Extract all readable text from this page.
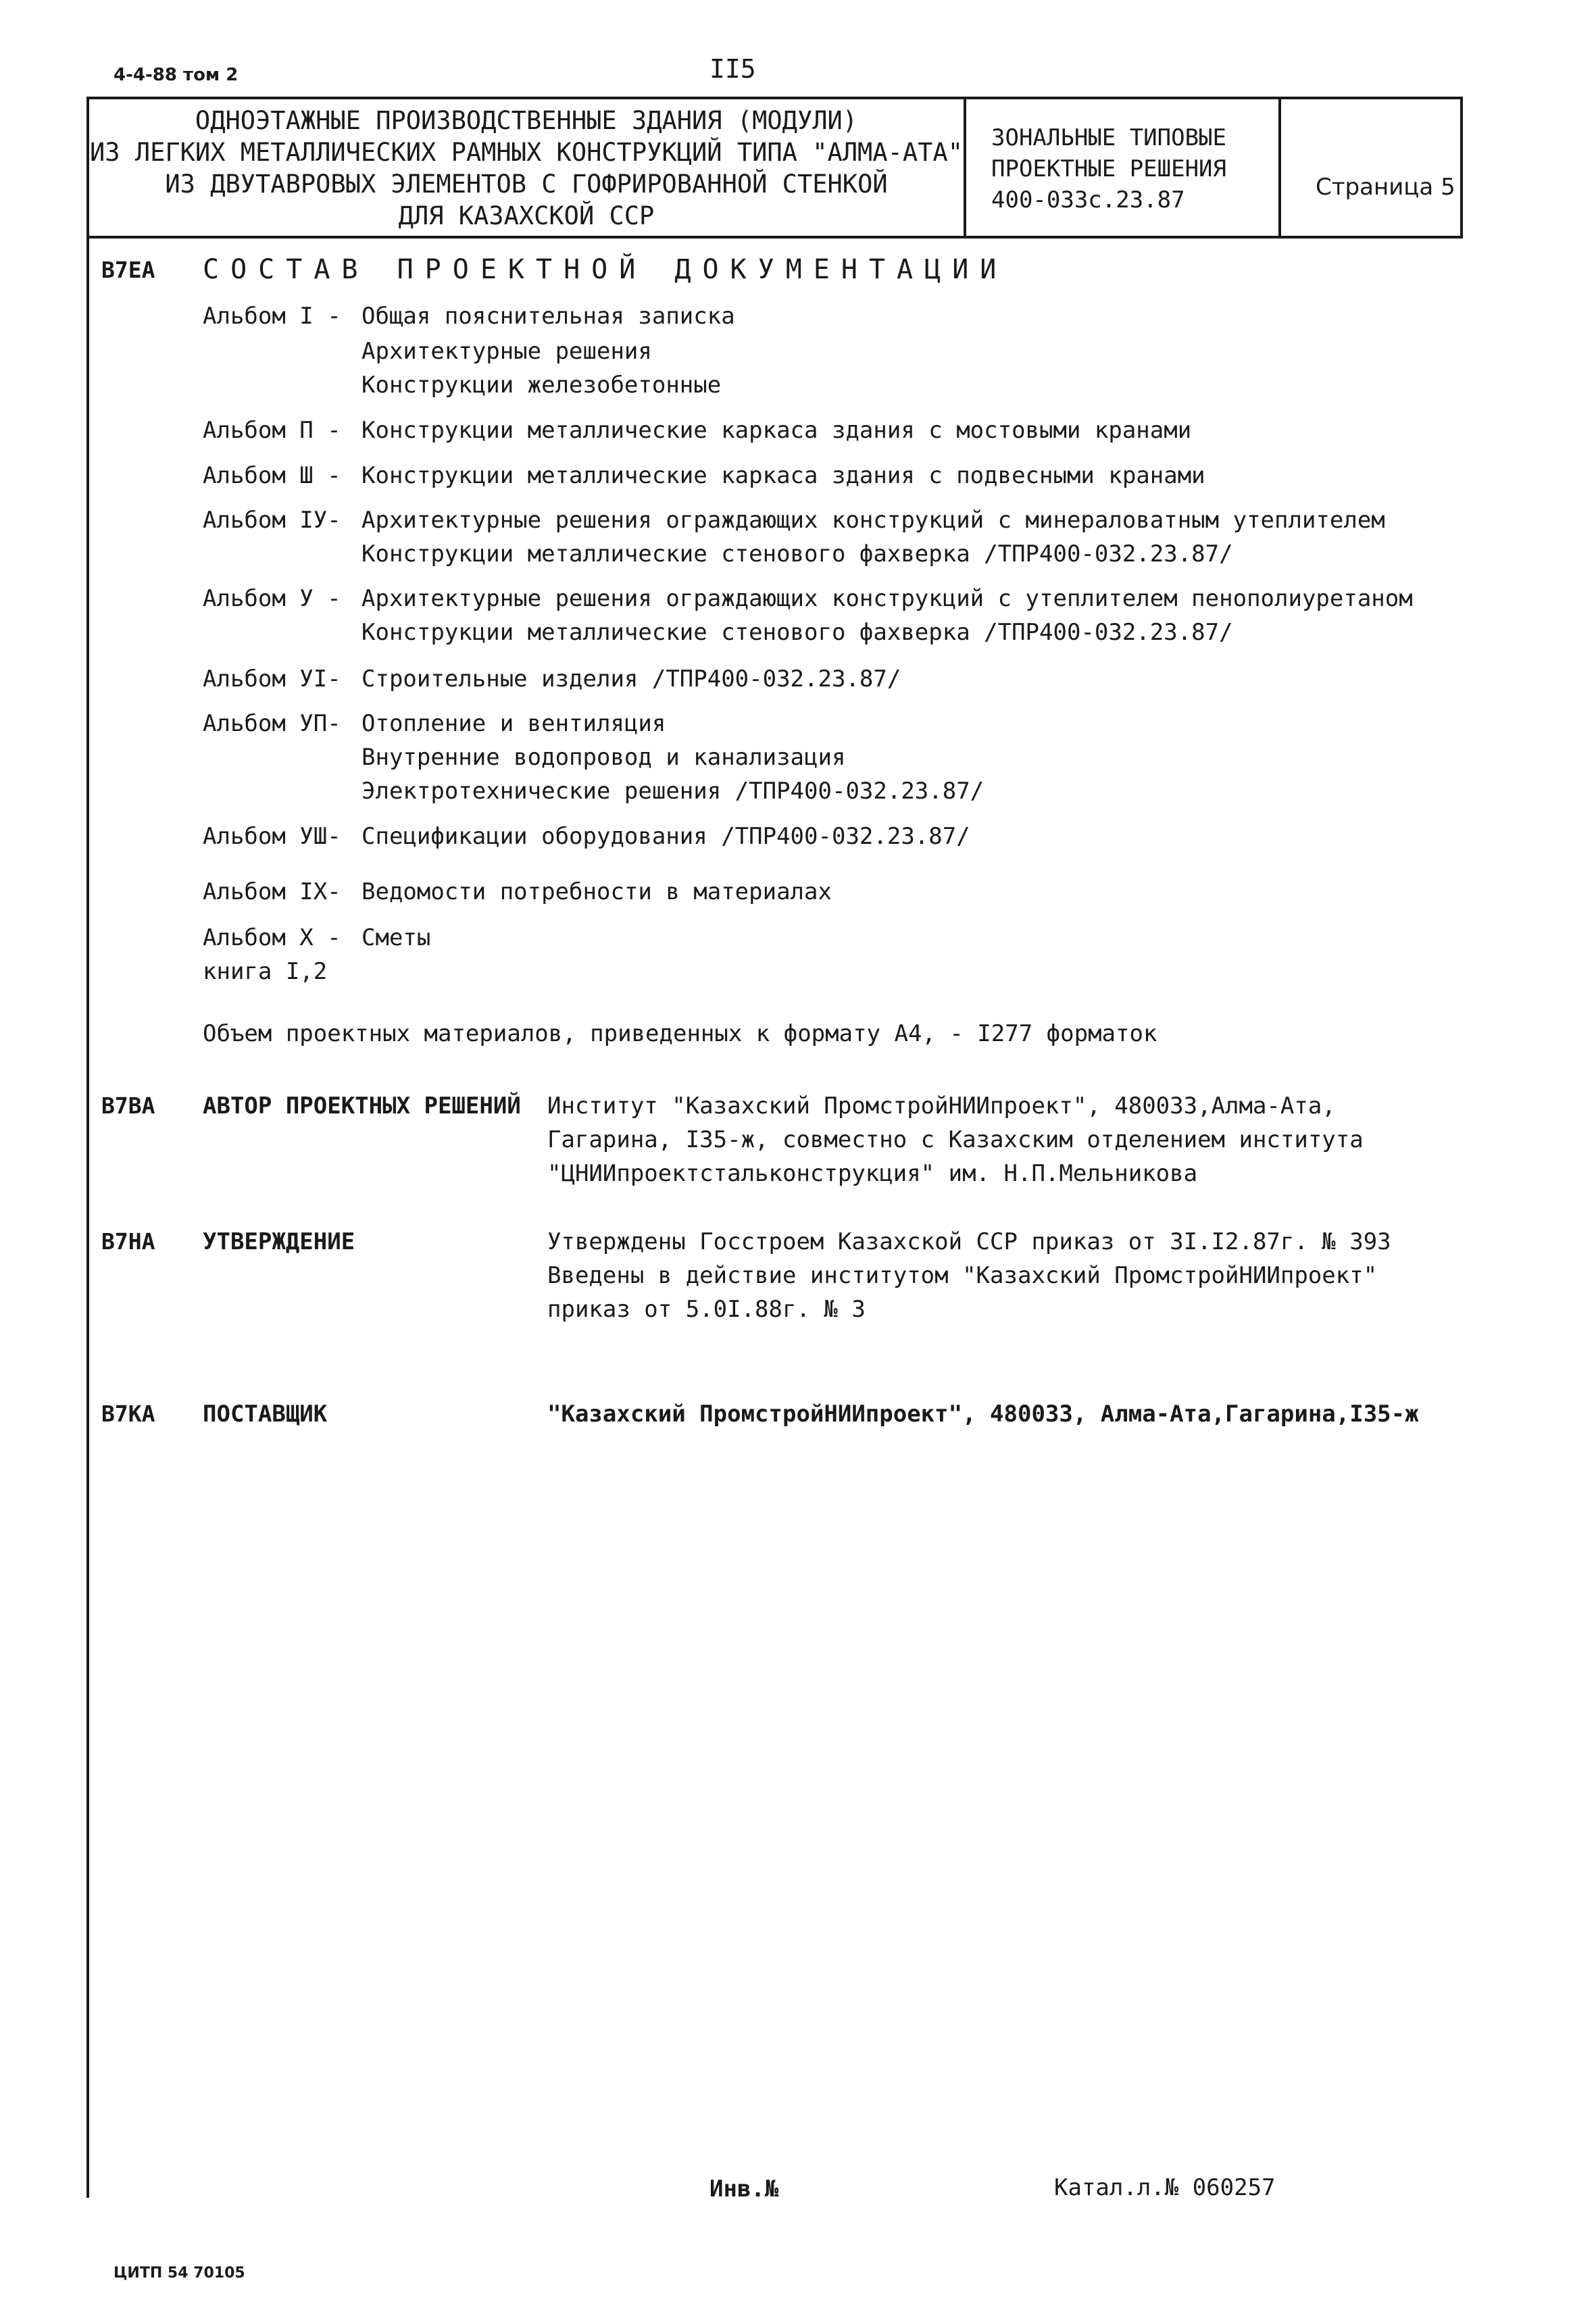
4-4-88 том 2	II5
ОДНОЭТАЖНЫЕ ПРОИЗВОДСТВЕННЫЕ ЗДАНИЯ (МОДУЛИ)
ИЗ ЛЕГКИХ МЕТАЛЛИЧЕСКИХ РАМНЫХ КОНСТРУКЦИЙ ТИПА "АЛМА-АТА"
ИЗ ДВУТАВРОВЫХ ЭЛЕМЕНТОВ С ГОФРИРОВАННОЙ СТЕНКОЙ
ДЛЯ КАЗАХСКОЙ ССР
ЗОНАЛЬНЫЕ ТИПОВЫЕ
ПРОЕКТНЫЕ РЕШЕНИЯ
400-033с.23.87	Страница 5
В7ЕА СОСТАВ ПРОЕКТНОЙ ДОКУМЕНТАЦИИ
Альбом I - Общая пояснительная записка
Архитектурные решения
Конструкции железобетонные
Альбом П - Конструкции металлические каркаса здания с мостовыми кранами
Альбом Ш - Конструкции металлические каркаса здания с подвесными кранами
Альбом IУ- Архитектурные решения ограждающих конструкций с минераловатным утеплителем
Конструкции металлические стенового фахверка /ТПР400-032.23.87/
Альбом У - Архитектурные решения ограждающих конструкций с утеплителем пенополиуретаном
Конструкции металлические стенового фахверка /ТПР400-032.23.87/
Альбом УI- Строительные изделия /ТПР400-032.23.87/
Альбом УП- Отопление и вентиляция
Внутренние водопровод и канализация
Электротехнические решения /ТПР400-032.23.87/
Альбом УШ- Спецификации оборудования /ТПР400-032.23.87/
Альбом IX- Ведомости потребности в материалах
Альбом X - Сметы
книга I,2
Объем проектных материалов, приведенных к формату А4, - I277 форматок
В7ВА АВТОР ПРОЕКТНЫХ РЕШЕНИЙ Институт "Казахский ПромстройНИИпроект", 480033,Алма-Ата,
Гагарина, I35-ж, совместно с Казахским отделением института
"ЦНИИпроектстальконструкция" им. Н.П.Мельникова
В7НА УТВЕРЖДЕНИЕ	Утверждены Госстроем Казахской ССР приказ от 3I.I2.87г. № 393
Введены в действие институтом "Казахский ПромстройНИИпроект"
приказ от 5.0I.88г. № 3
В7КА ПОСТАВЩИК	"Казахский ПромстройНИИпроект", 480033, Алма-Ата,Гагарина,I35-ж
Инв.№	Катал.л.№ 060257
ЦИТП 54 70105
